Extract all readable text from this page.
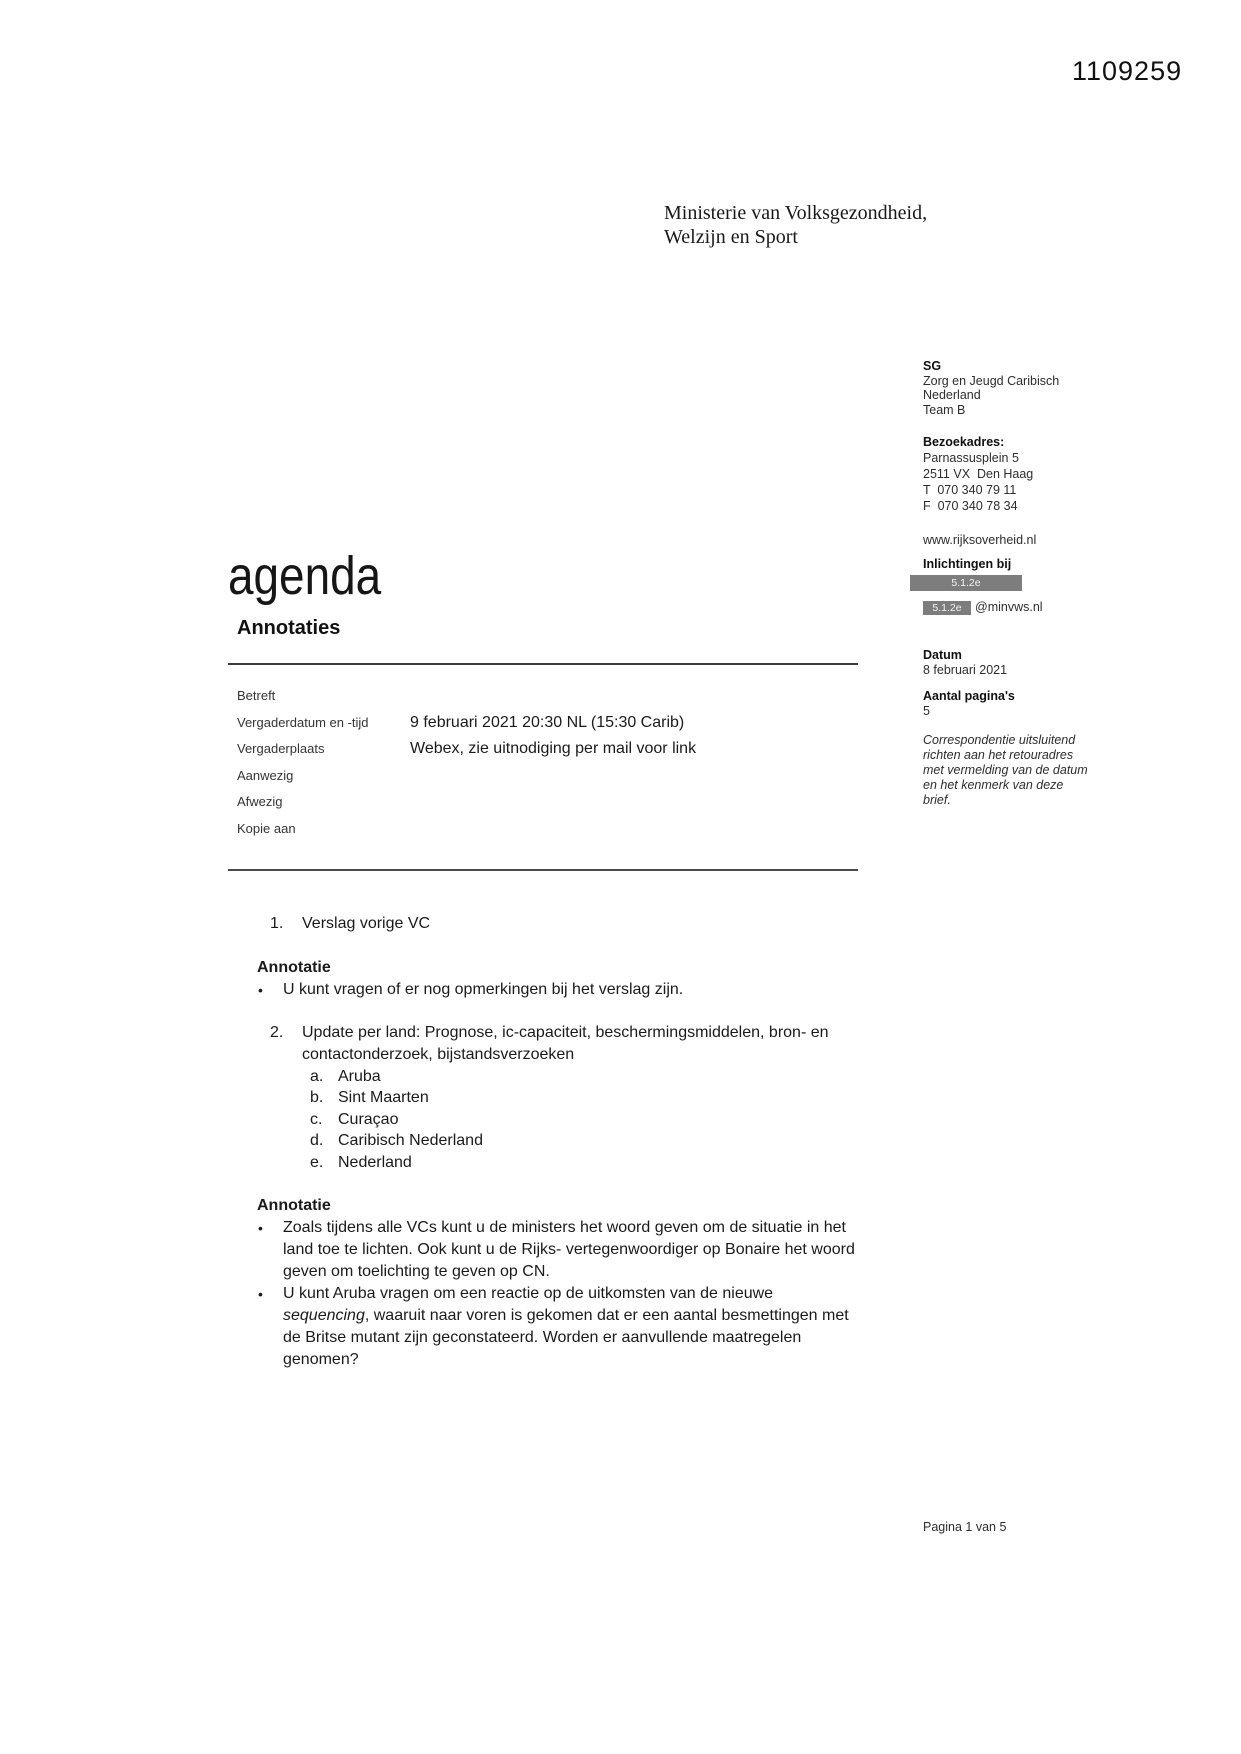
1109259
Ministerie van Volksgezondheid,
Welzijn en Sport
SG
Zorg en Jeugd Caribisch
Nederland
Team B
Bezoekadres:
Parnassusplein 5
2511 VX  Den Haag
T  070 340 79 11
F  070 340 78 34
www.rijksoverheid.nl
Inlichtingen bij
5.1.2e
5.1.2e	@minvws.nl
Datum
8 februari 2021
Aantal pagina's
5
Correspondentie uitsluitend richten aan het retouradres met vermelding van de datum en het kenmerk van deze brief.
agenda
Annotaties
Betreft
Vergaderdatum en -tijd	9 februari 2021 20:30 NL (15:30 Carib)
Vergaderplaats	Webex, zie uitnodiging per mail voor link
Aanwezig
Afwezig
Kopie aan
1.	Verslag vorige VC
Annotatie
•	U kunt vragen of er nog opmerkingen bij het verslag zijn.
2.	Update per land: Prognose, ic-capaciteit, beschermingsmiddelen, bron- en contactonderzoek, bijstandsverzoeken
a. Aruba
b. Sint Maarten
c. Curaçao
d. Caribisch Nederland
e. Nederland
Annotatie
•	Zoals tijdens alle VCs kunt u de ministers het woord geven om de situatie in het land toe te lichten. Ook kunt u de Rijks- vertegenwoordiger op Bonaire het woord geven om toelichting te geven op CN.
•	U kunt Aruba vragen om een reactie op de uitkomsten van de nieuwe sequencing, waaruit naar voren is gekomen dat er een aantal besmettingen met de Britse mutant zijn geconstateerd. Worden er aanvullende maatregelen genomen?
Pagina 1 van 5
